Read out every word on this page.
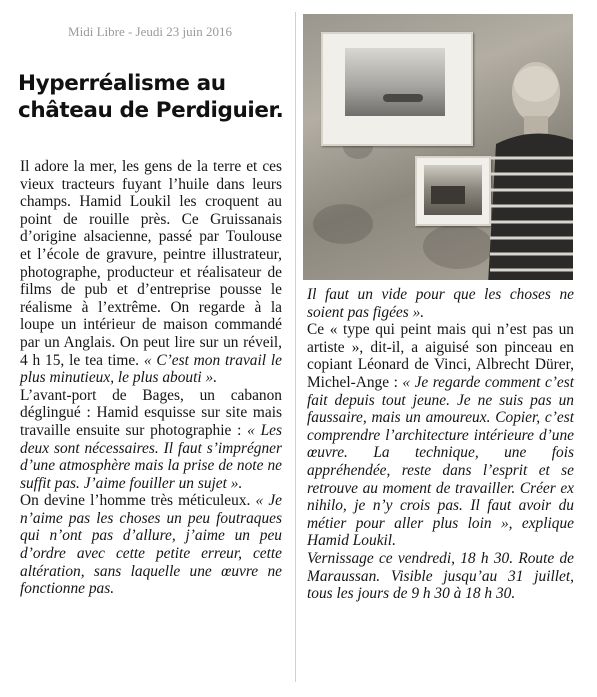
Midi Libre - Jeudi 23 juin 2016
Hyperréalisme au château de Perdiguier.

Il adore la mer, les gens de la terre et ces vieux tracteurs fuyant l’huile dans leurs champs. Hamid Loukil les croquent au point de rouille près. Ce Gruissanais d’origine alsacienne, passé par Toulouse et l’école de gravure, peintre illustrateur, photographe, producteur et réalisateur de films de pub et d’entreprise pousse le réalisme à l’extrême. On regarde à la loupe un intérieur de maison commandé par un Anglais. On peut lire sur un réveil, 4 h 15, le tea time. « C’est mon travail le plus minutieux, le plus abouti ».

L’avant-port de Bages, un cabanon déglingué : Hamid esquisse sur site mais travaille ensuite sur photographie : « Les deux sont nécessaires. Il faut s’imprégner d’une atmosphère mais la prise de note ne suffit pas. J’aime fouiller un sujet ».

On devine l’homme très méticuleux. « Je n’aime pas les choses un peu foutraques qui n’ont pas d’allure, j’aime un peu d’ordre avec cette petite erreur, cette altération, sans laquelle une œuvre ne fonctionne pas.

Il faut un vide pour que les choses ne soient pas figées ».

Ce « type qui peint mais qui n’est pas un artiste », dit-il, a aiguisé son pinceau en copiant Léonard de Vinci, Albrecht Dürer, Michel-Ange : « Je regarde comment c’est fait depuis tout jeune. Je ne suis pas un faussaire, mais un amoureux. Copier, c’est comprendre l’architecture intérieure d’une œuvre. La technique, une fois appréhendée, reste dans l’esprit et se retrouve au moment de travailler. Créer ex nihilo, je n’y crois pas. Il faut avoir du métier pour aller plus loin », explique Hamid Loukil.

Vernissage ce vendredi, 18 h 30. Route de Maraussan. Visible jusqu’au 31 juillet, tous les jours de 9 h 30 à 18 h 30.
